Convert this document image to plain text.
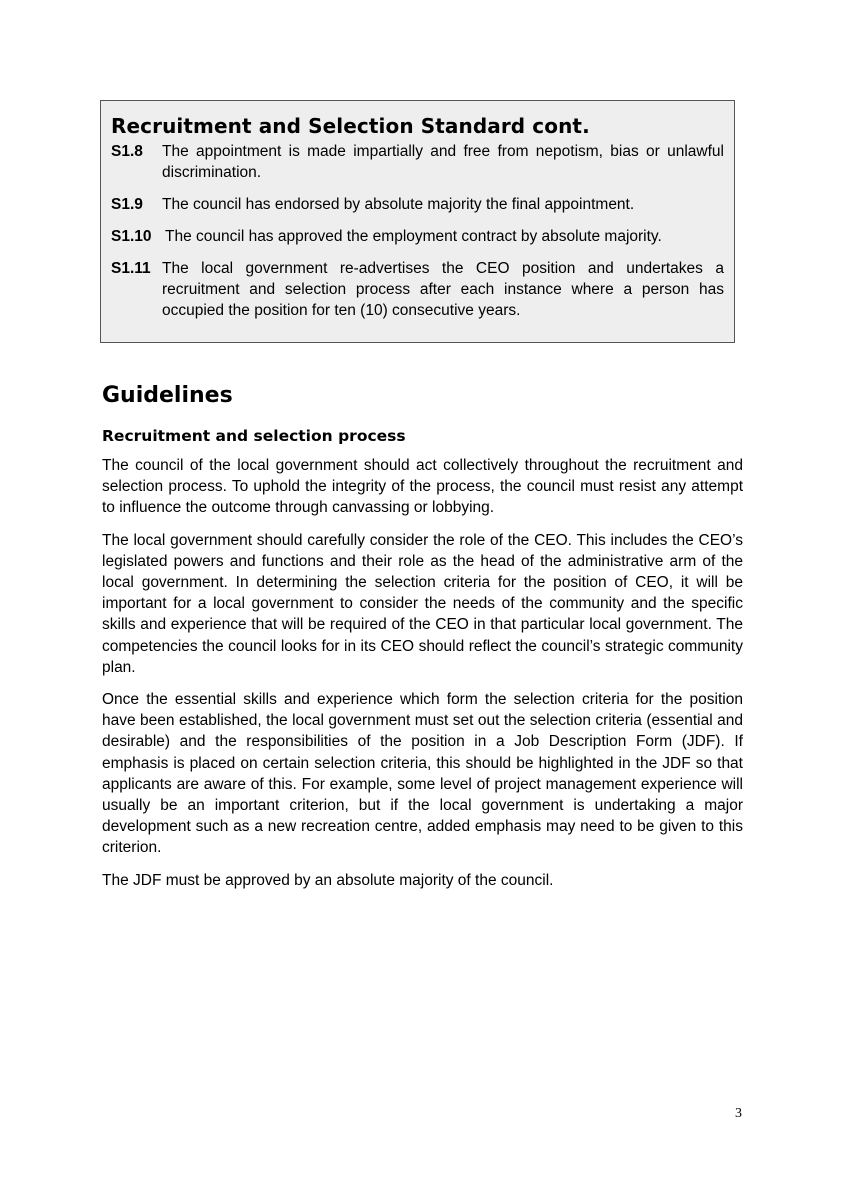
Recruitment and Selection Standard cont.
S1.8	The appointment is made impartially and free from nepotism, bias or unlawful discrimination.
S1.9	The council has endorsed by absolute majority the final appointment.
S1.10 The council has approved the employment contract by absolute majority.
S1.11 The local government re-advertises the CEO position and undertakes a recruitment and selection process after each instance where a person has occupied the position for ten (10) consecutive years.
Guidelines
Recruitment and selection process

The council of the local government should act collectively throughout the recruitment and selection process. To uphold the integrity of the process, the council must resist any attempt to influence the outcome through canvassing or lobbying.

The local government should carefully consider the role of the CEO. This includes the CEO’s legislated powers and functions and their role as the head of the administrative arm of the local government. In determining the selection criteria for the position of CEO, it will be important for a local government to consider the needs of the community and the specific skills and experience that will be required of the CEO in that particular local government. The competencies the council looks for in its CEO should reflect the council’s strategic community plan.

Once the essential skills and experience which form the selection criteria for the position have been established, the local government must set out the selection criteria (essential and desirable) and the responsibilities of the position in a Job Description Form (JDF). If emphasis is placed on certain selection criteria, this should be highlighted in the JDF so that applicants are aware of this. For example, some level of project management experience will usually be an important criterion, but if the local government is undertaking a major development such as a new recreation centre, added emphasis may need to be given to this criterion.

The JDF must be approved by an absolute majority of the council.

3
